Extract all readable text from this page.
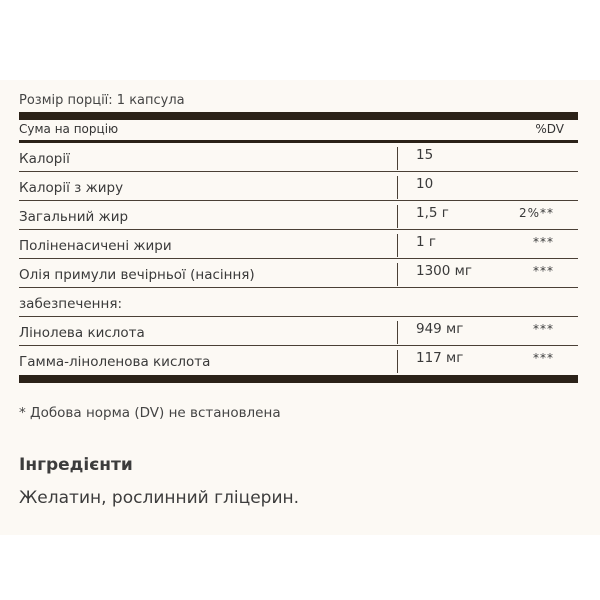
Розмір порції: 1 капсула
Сума на порцію	%DV
Калорії	15
Калорії з жиру	10
Загальний жир	1,5 г	2%**
Поліненасичені жири	1 г	***
Олія примули вечірньої (насіння)	1300 мг	***
забезпечення:
Лінолева кислота	949 мг	***
Гамма-ліноленова кислота	117 мг	***
* Добова норма (DV) не встановлена
Інгредієнти
Желатин, рослинний гліцерин.
